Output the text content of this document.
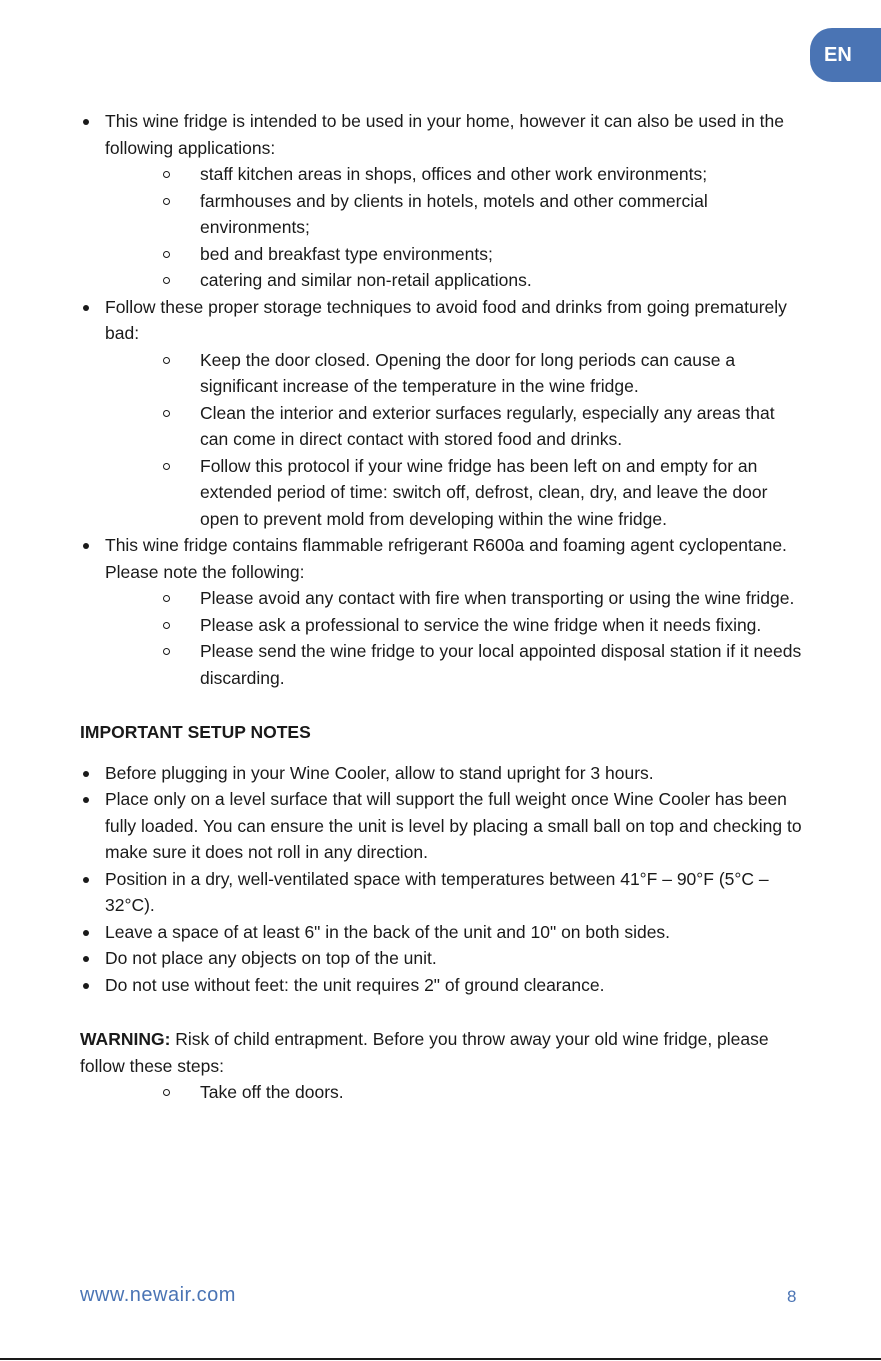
EN
This wine fridge is intended to be used in your home, however it can also be used in the following applications:
staff kitchen areas in shops, offices and other work environments;
farmhouses and by clients in hotels, motels and other commercial environments;
bed and breakfast type environments;
catering and similar non-retail applications.
Follow these proper storage techniques to avoid food and drinks from going prematurely bad:
Keep the door closed. Opening the door for long periods can cause a significant increase of the temperature in the wine fridge.
Clean the interior and exterior surfaces regularly, especially any areas that can come in direct contact with stored food and drinks.
Follow this protocol if your wine fridge has been left on and empty for an extended period of time: switch off, defrost, clean, dry, and leave the door open to prevent mold from developing within the wine fridge.
This wine fridge contains flammable refrigerant R600a and foaming agent cyclopentane. Please note the following:
Please avoid any contact with fire when transporting or using the wine fridge.
Please ask a professional to service the wine fridge when it needs fixing.
Please send the wine fridge to your local appointed disposal station if it needs discarding.
IMPORTANT SETUP NOTES
Before plugging in your Wine Cooler, allow to stand upright for 3 hours.
Place only on a level surface that will support the full weight once Wine Cooler has been fully loaded. You can ensure the unit is level by placing a small ball on top and checking to make sure it does not roll in any direction.
Position in a dry, well-ventilated space with temperatures between 41°F – 90°F (5°C – 32°C).
Leave a space of at least 6" in the back of the unit and 10" on both sides.
Do not place any objects on top of the unit.
Do not use without feet: the unit requires 2" of ground clearance.
WARNING: Risk of child entrapment. Before you throw away your old wine fridge, please follow these steps:
Take off the doors.
www.newair.com	8
